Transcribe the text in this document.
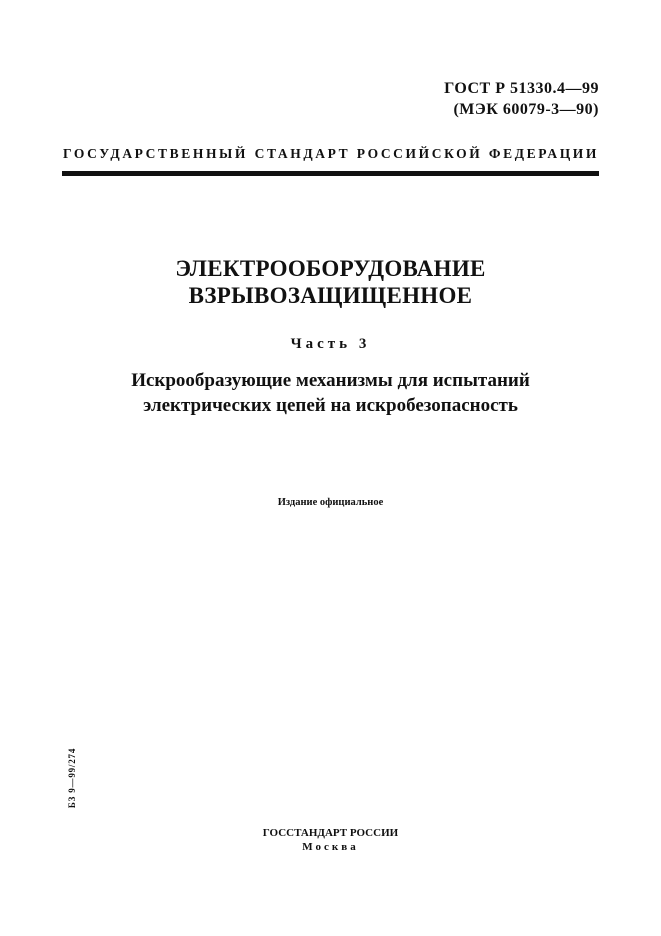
ГОСТ Р 51330.4—99
(МЭК 60079-3—90)
ГОСУДАРСТВЕННЫЙ СТАНДАРТ РОССИЙСКОЙ ФЕДЕРАЦИИ
ЭЛЕКТРООБОРУДОВАНИЕ
ВЗРЫВОЗАЩИЩЕННОЕ
Часть 3
Искрообразующие механизмы для испытаний
электрических цепей на искробезопасность
Издание официальное
БЗ 9—99/274
ГОССТАНДАРТ РОССИИ
Москва
